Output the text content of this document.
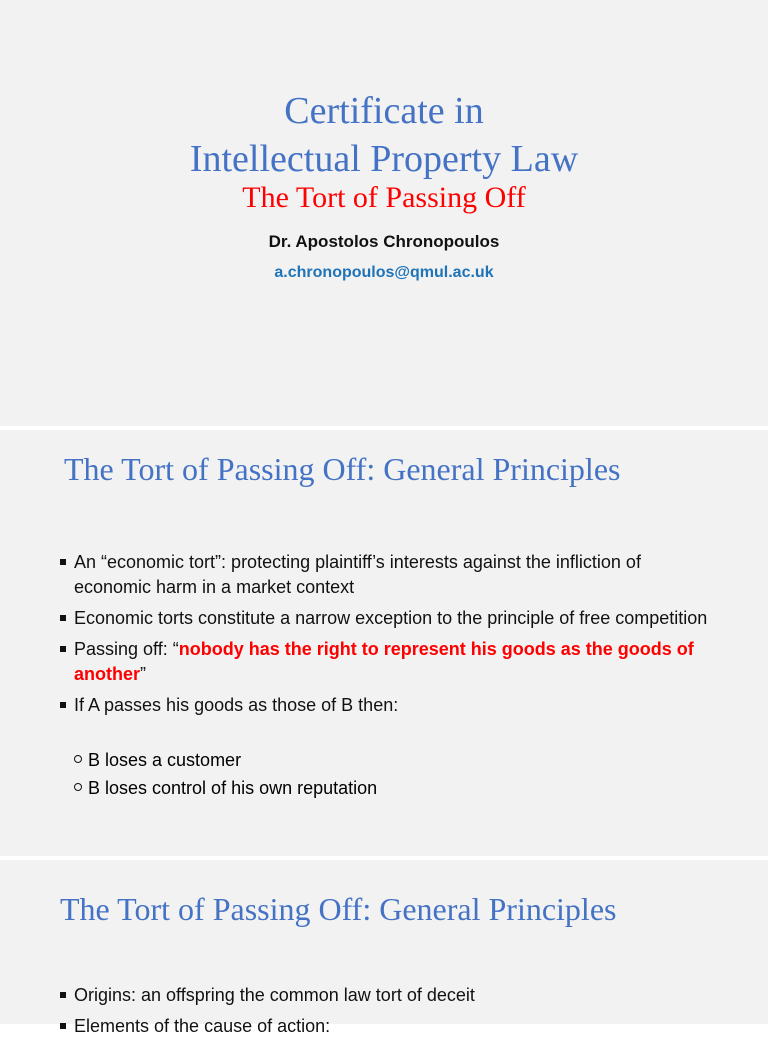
Certificate in
Intellectual Property Law
The Tort of Passing Off
Dr. Apostolos Chronopoulos
a.chronopoulos@qmul.ac.uk
The Tort of Passing Off: General Principles
An “economic tort”: protecting plaintiff’s interests against the infliction of economic harm in a market context
Economic torts constitute a narrow exception to the principle of free competition
Passing off: “nobody has the right to represent his goods as the goods of another”
If A passes his goods as those of B then:
B loses a customer
B loses control of his own reputation
The Tort of Passing Off: General Principles
Origins: an offspring the common law tort of deceit
Elements of the cause of action:
